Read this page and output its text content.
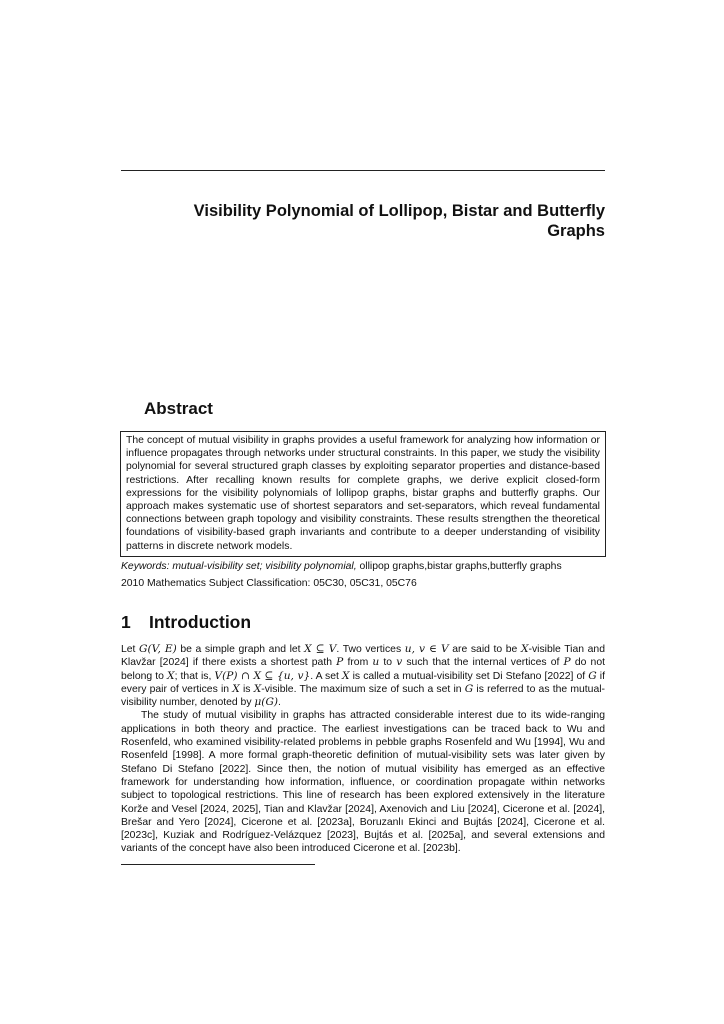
Visibility Polynomial of Lollipop, Bistar and Butterfly
Graphs
Abstract
The concept of mutual visibility in graphs provides a useful framework for analyzing how information or influence propagates through networks under structural constraints. In this paper, we study the visibility polynomial for several structured graph classes by exploiting separator properties and distance-based restrictions. After recalling known results for complete graphs, we derive explicit closed-form expressions for the visibility polynomials of lollipop graphs, bistar graphs and butterfly graphs. Our approach makes systematic use of shortest separators and set-separators, which reveal fundamental connections between graph topology and visibility constraints. These results strengthen the theoretical foundations of visibility-based graph invariants and contribute to a deeper understanding of visibility patterns in discrete network models.
Keywords: mutual-visibility set; visibility polynomial, ollipop graphs,bistar graphs,butterfly graphs
2010 Mathematics Subject Classification: 05C30, 05C31, 05C76
1 Introduction

Let G(V, E) be a simple graph and let X ⊆ V. Two vertices u, v ∈ V are said to be X-visible Tian and Klavžar [2024] if there exists a shortest path P from u to v such that the internal vertices of P do not belong to X; that is, V(P) ∩ X ⊆ {u, v}. A set X is called a mutual-visibility set Di Stefano [2022] of G if every pair of vertices in X is X-visible. The maximum size of such a set in G is referred to as the mutual-visibility number, denoted by μ(G).

The study of mutual visibility in graphs has attracted considerable interest due to its wide-ranging applications in both theory and practice. The earliest investigations can be traced back to Wu and Rosenfeld, who examined visibility-related problems in pebble graphs Rosenfeld and Wu [1994], Wu and Rosenfeld [1998]. A more formal graph-theoretic definition of mutual-visibility sets was later given by Stefano Di Stefano [2022]. Since then, the notion of mutual visibility has emerged as an effective framework for understanding how information, influence, or coordination propagate within networks subject to topological restrictions. This line of research has been explored extensively in the literature Korže and Vesel [2024, 2025], Tian and Klavžar [2024], Axenovich and Liu [2024], Cicerone et al. [2024], Brešar and Yero [2024], Cicerone et al. [2023a], Boruzanlı Ekinci and Bujtás [2024], Cicerone et al. [2023c], Kuziak and Rodríguez-Velázquez [2023], Bujtás et al. [2025a], and several extensions and variants of the concept have also been introduced Cicerone et al. [2023b].
